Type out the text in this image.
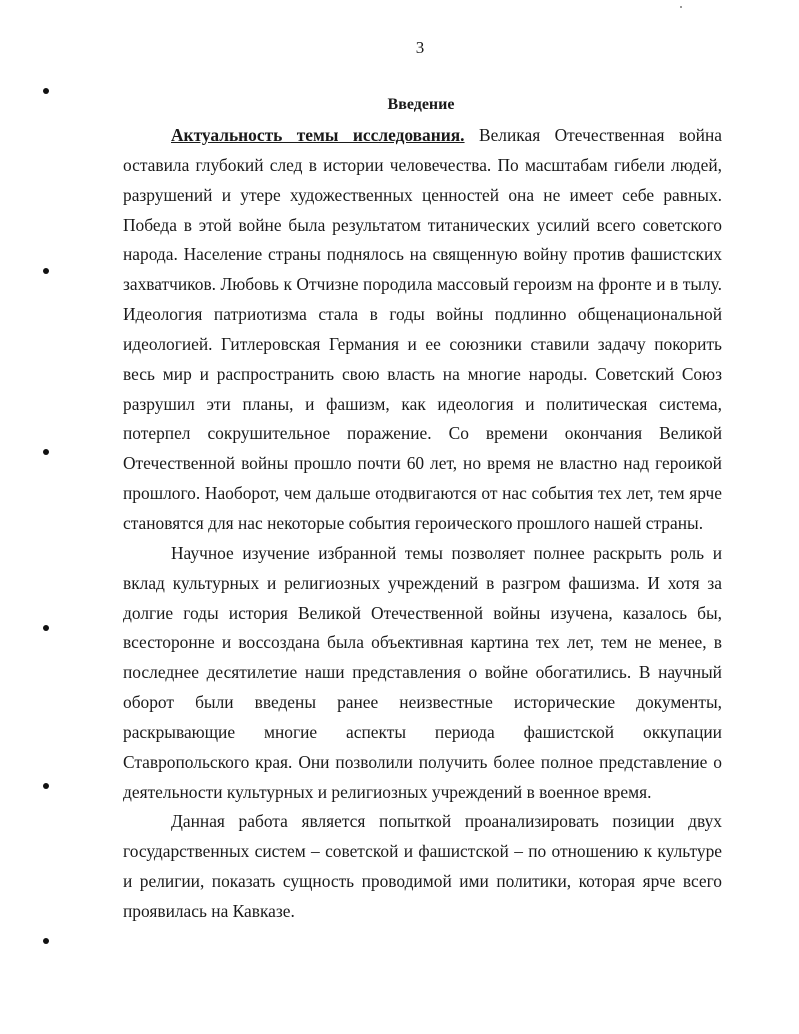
3
Введение

Актуальность темы исследования. Великая Отечественная война оставила глубокий след в истории человечества. По масштабам гибели людей, разрушений и утере художественных ценностей она не имеет себе равных. Победа в этой войне была результатом титанических усилий всего советского народа. Население страны поднялось на священную войну против фашистских захватчиков. Любовь к Отчизне породила массовый героизм на фронте и в тылу. Идеология патриотизма стала в годы войны подлинно общенациональной идеологией. Гитлеровская Германия и ее союзники ставили задачу покорить весь мир и распространить свою власть на многие народы. Советский Союз разрушил эти планы, и фашизм, как идеология и политическая система, потерпел сокрушительное поражение. Со времени окончания Великой Отечественной войны прошло почти 60 лет, но время не властно над героикой прошлого. Наоборот, чем дальше отодвигаются от нас события тех лет, тем ярче становятся для нас некоторые события героического прошлого нашей страны.

Научное изучение избранной темы позволяет полнее раскрыть роль и вклад культурных и религиозных учреждений в разгром фашизма. И хотя за долгие годы история Великой Отечественной войны изучена, казалось бы, всесторонне и воссоздана была объективная картина тех лет, тем не менее, в последнее десятилетие наши представления о войне обогатились. В научный оборот были введены ранее неизвестные исторические документы, раскрывающие многие аспекты периода фашистской оккупации Ставропольского края. Они позволили получить более полное представление о деятельности культурных и религиозных учреждений в военное время.

Данная работа является попыткой проанализировать позиции двух государственных систем – советской и фашистской – по отношению к культуре и религии, показать сущность проводимой ими политики, которая ярче всего проявилась на Кавказе.
